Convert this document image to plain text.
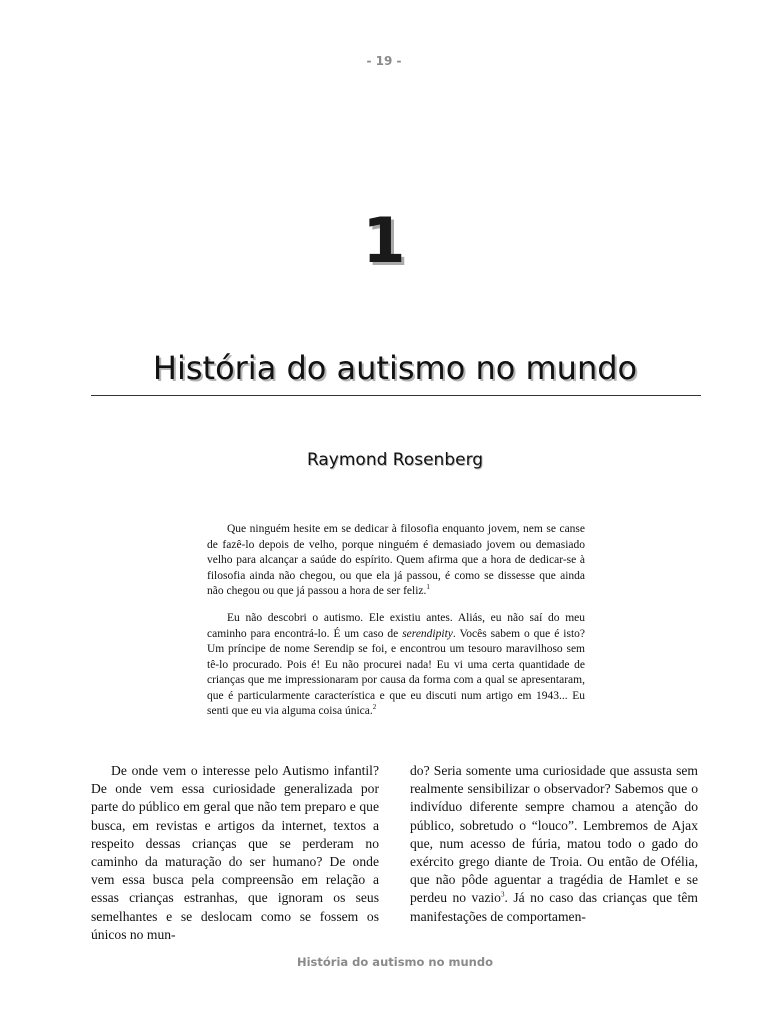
- 19 -
1
História do autismo no mundo
Raymond Rosenberg

Que ninguém hesite em se dedicar à filosofia enquanto jovem, nem se canse de fazê-lo depois de velho, porque ninguém é demasiado jovem ou demasiado velho para alcançar a saúde do espírito. Quem afirma que a hora de dedicar-se à filosofia ainda não chegou, ou que ela já passou, é como se dissesse que ainda não chegou ou que já passou a hora de ser feliz.$^1$

Eu não descobri o autismo. Ele existiu antes. Aliás, eu não saí do meu caminho para encontrá-lo. É um caso de serendipity. Vocês sabem o que é isto? Um príncipe de nome Serendip se foi, e encontrou um tesouro maravilhoso sem tê-lo procurado. Pois é! Eu não procurei nada! Eu vi uma certa quantidade de crianças que me impressionaram por causa da forma com a qual se apresentaram, que é particularmente característica e que eu discuti num artigo em 1943... Eu senti que eu via alguma coisa única.$^2$

De onde vem o interesse pelo Autismo infantil? De onde vem essa curiosidade generalizada por parte do público em geral que não tem preparo e que busca, em revistas e artigos da internet, textos a respeito dessas crianças que se perderam no caminho da maturação do ser humano? De onde vem essa busca pela compreensão em relação a essas crianças estranhas, que ignoram os seus semelhantes e se deslocam como se fossem os únicos no mun-

do? Seria somente uma curiosidade que assusta sem realmente sensibilizar o observador? Sabemos que o indivíduo diferente sempre chamou a atenção do público, sobretudo o “louco”. Lembremos de Ajax que, num acesso de fúria, matou todo o gado do exército grego diante de Troia. Ou então de Ofélia, que não pôde aguentar a tragédia de Hamlet e se perdeu no vazio$^3$. Já no caso das crianças que têm manifestações de comportamen-

História do autismo no mundo
